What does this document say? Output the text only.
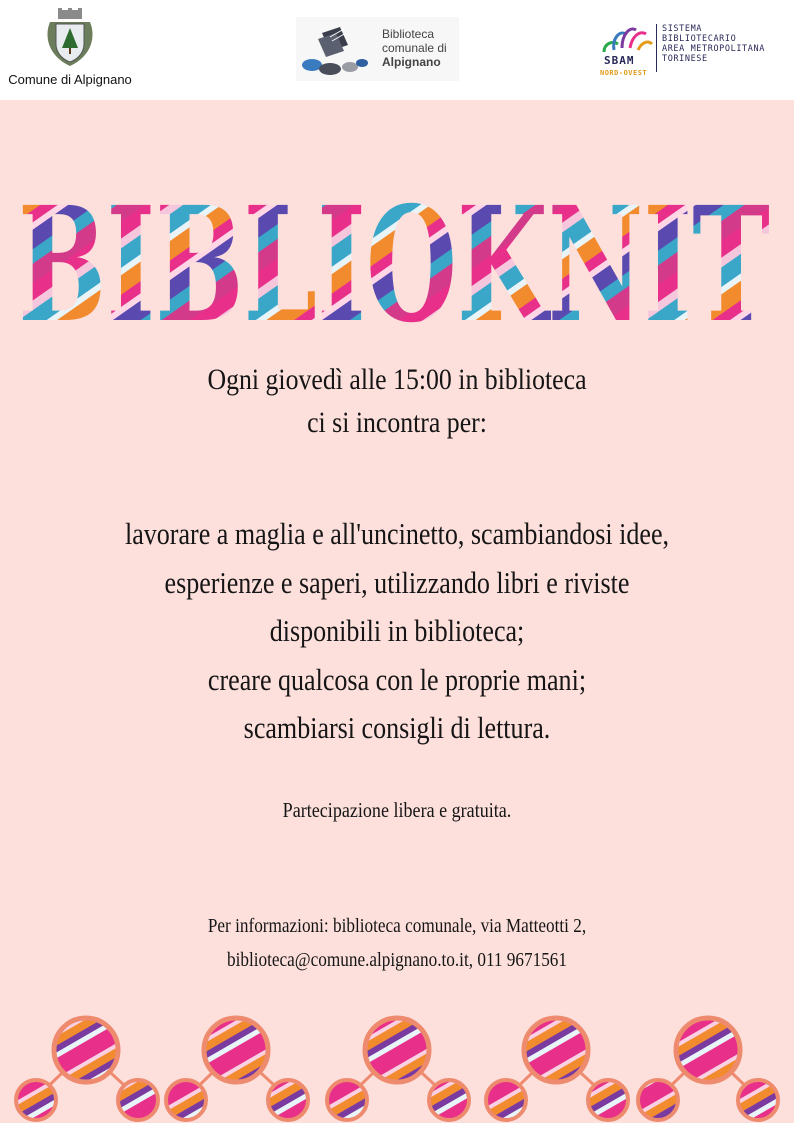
Comune di Alpignano
Biblioteca
comunale di
Alpignano	SBAM
NORD-OVEST
SISTEMA
BIBLIOTECARIO
AREA METROPOLITANA
TORINESE
BIBLIOKNIT
Ogni giovedì alle 15:00 in biblioteca
ci si incontra per:
lavorare a maglia e all'uncinetto, scambiandosi idee,
esperienze e saperi, utilizzando libri e riviste
disponibili in biblioteca;
creare qualcosa con le proprie mani;
scambiarsi consigli di lettura.
Partecipazione libera e gratuita.
Per informazioni: biblioteca comunale, via Matteotti 2,
biblioteca@comune.alpignano.to.it, 011 9671561
